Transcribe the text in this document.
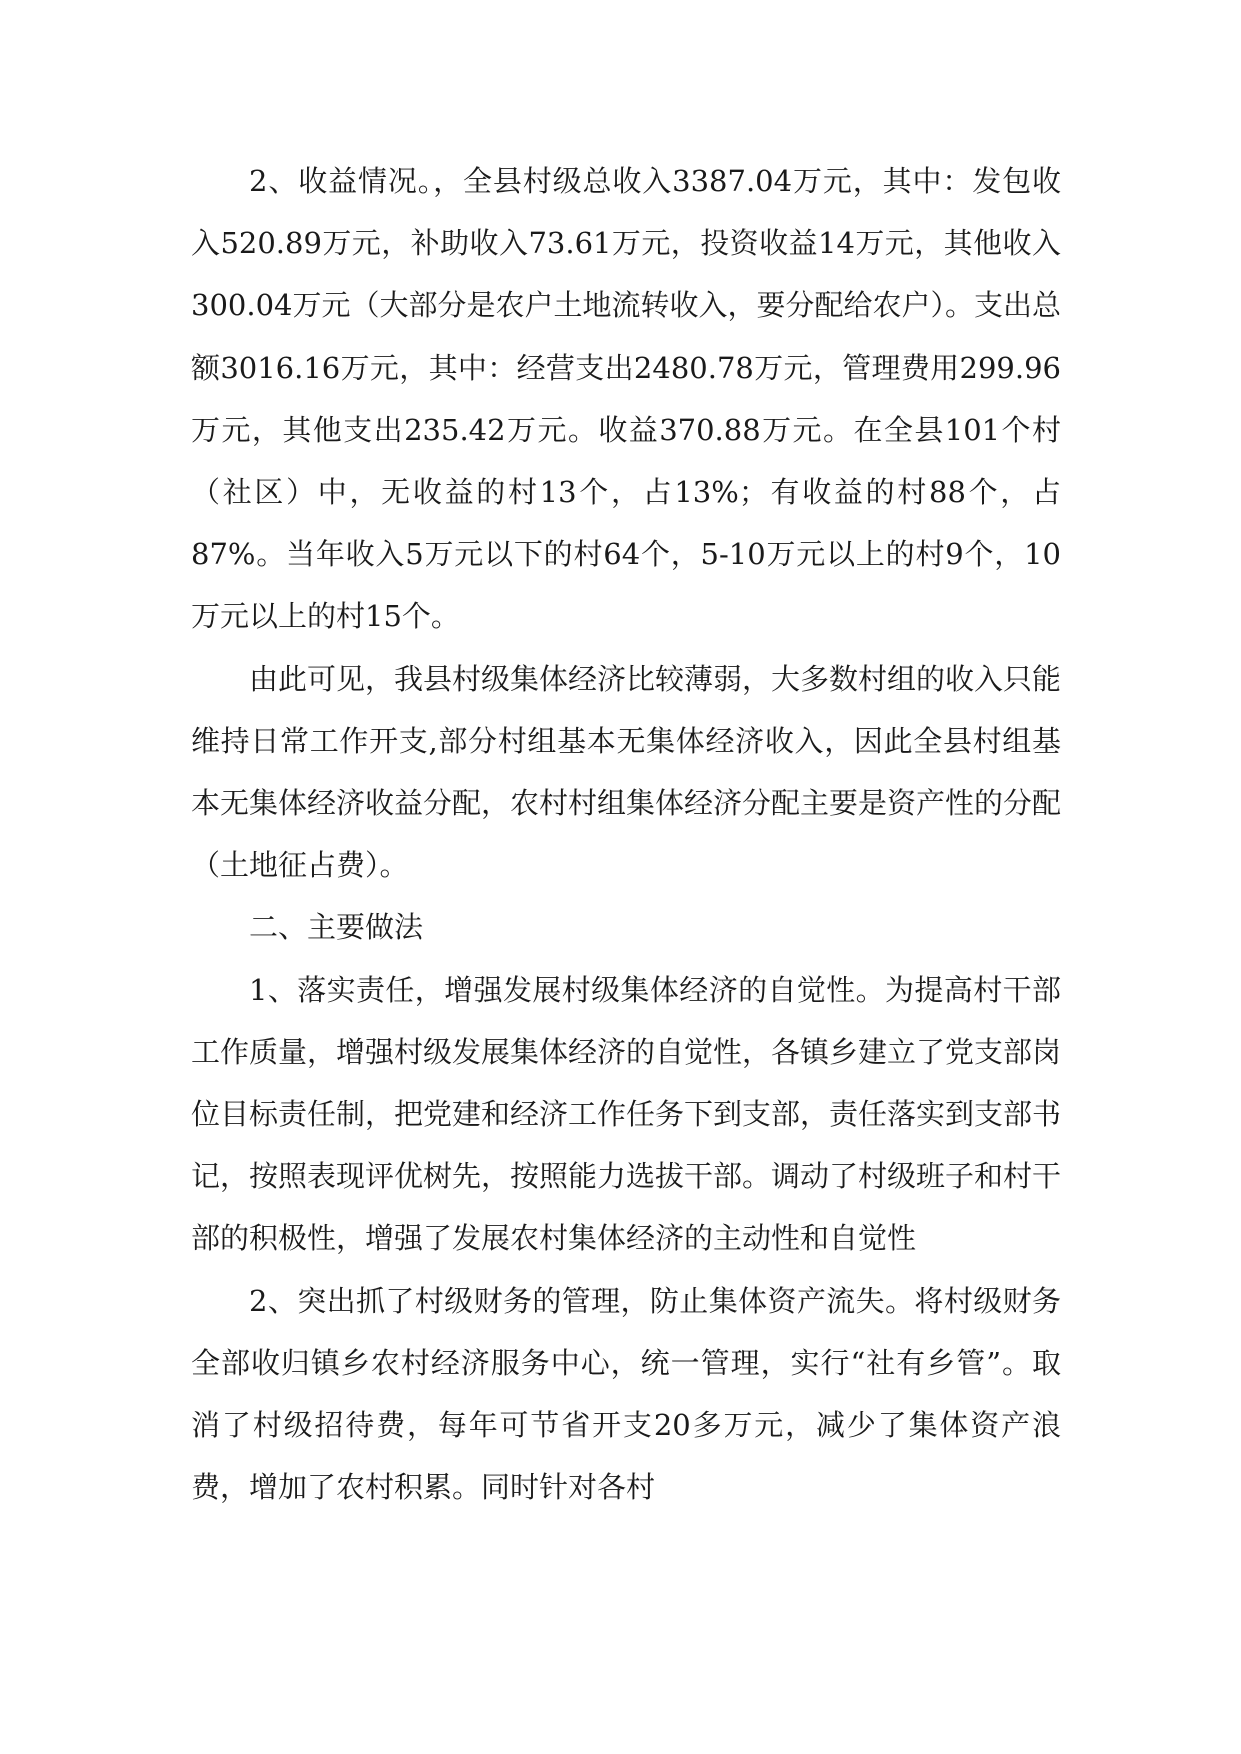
2、收益情况。，全县村级总收入3387.04万元，其中：发包收入520.89万元，补助收入73.61万元，投资收益14万元，其他收入300.04万元（大部分是农户土地流转收入，要分配给农户）。支出总额3016.16万元，其中：经营支出2480.78万元，管理费用299.96万元，其他支出235.42万元。收益370.88万元。在全县101个村（社区）中，无收益的村13个，占13%；有收益的村88个，占87%。当年收入5万元以下的村64个，5-10万元以上的村9个，10万元以上的村15个。

由此可见，我县村级集体经济比较薄弱，大多数村组的收入只能维持日常工作开支,部分村组基本无集体经济收入，因此全县村组基本无集体经济收益分配，农村村组集体经济分配主要是资产性的分配（土地征占费）。

二、主要做法

1、落实责任，增强发展村级集体经济的自觉性。为提高村干部工作质量，增强村级发展集体经济的自觉性，各镇乡建立了党支部岗位目标责任制，把党建和经济工作任务下到支部，责任落实到支部书记，按照表现评优树先，按照能力选拔干部。调动了村级班子和村干部的积极性，增强了发展农村集体经济的主动性和自觉性

2、突出抓了村级财务的管理，防止集体资产流失。将村级财务全部收归镇乡农村经济服务中心，统一管理，实行“社有乡管”。取消了村级招待费，每年可节省开支20多万元，减少了集体资产浪费，增加了农村积累。同时针对各村
